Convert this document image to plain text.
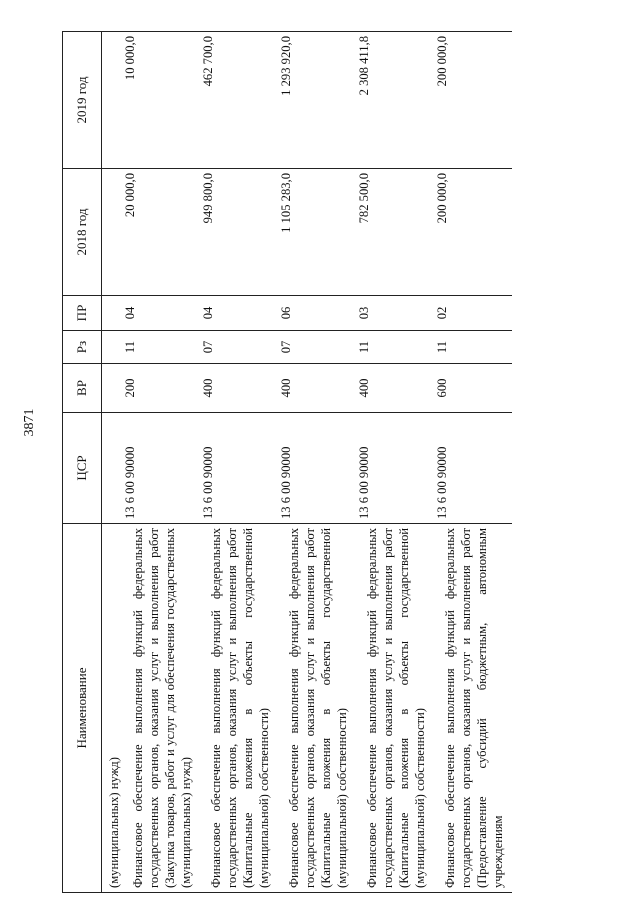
3871
Наименование	ЦСР	ВР	Рз	ПР	2018 год	2019 год
(муниципальных) нужд)						
Финансовое обеспечение выполнения функций федеральных государственных органов, оказания услуг и выполнения работ (Закупка товаров, работ и услуг для обеспечения государственных (муниципальных) нужд)	13 6 00 90000	200	11	04	20 000,0	10 000,0
Финансовое обеспечение выполнения функций федеральных государственных органов, оказания услуг и выполнения работ (Капитальные вложения в объекты государственной (муниципальной) собственности)	13 6 00 90000	400	07	04	949 800,0	462 700,0
Финансовое обеспечение выполнения функций федеральных государственных органов, оказания услуг и выполнения работ (Капитальные вложения в объекты государственной (муниципальной) собственности)	13 6 00 90000	400	07	06	1 105 283,0	1 293 920,0
Финансовое обеспечение выполнения функций федеральных государственных органов, оказания услуг и выполнения работ (Капитальные вложения в объекты государственной (муниципальной) собственности)	13 6 00 90000	400	11	03	782 500,0	2 308 411,8
Финансовое обеспечение выполнения функций федеральных государственных органов, оказания услуг и выполнения работ (Предоставление субсидий бюджетным, автономным учреждениям	13 6 00 90000	600	11	02	200 000,0	200 000,0
